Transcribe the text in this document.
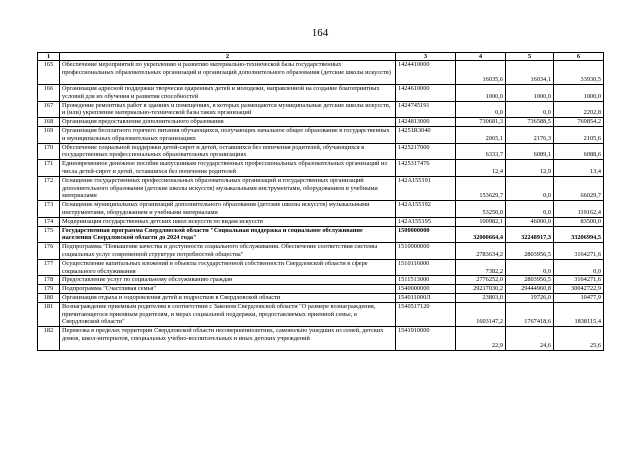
164
1	2	3	4	5	6
165	Обеспечение мероприятий по укреплению и развитию материально-технической базы государственных профессиональных образовательных организаций и организаций дополнительного образования (детские школы искусств)	1424410000	16035,6	16034,1	33930,5
166	Организация адресной поддержки творчески одаренных детей и молодежи, направленной на создание благоприятных условий для их обучения и развития способностей	1424610000	1000,0	1000,0	1000,0
167	Проведение ремонтных работ в зданиях и помещениях, в которых размещаются муниципальные детские школы искусств, и (или) укрепление материально-технической базы таких организаций	1424745191	0,0	0,0	2202,8
168	Организация предоставления дополнительного образования	1424813000	730681,3	736588,5	769854,2
169	Организация бесплатного горячего питания обучающихся, получающих начальное общее образование в государственных и муниципальных образовательных организациях	14251R3040	2065,1	2176,3	2105,6
170	Обеспечение социальной поддержки детей-сирот и детей, оставшихся без попечения родителей, обучающихся в государственных профессиональных образовательных организациях	1425217000	6333,7	6089,1	6088,6
171	Единовременное денежное пособие выпускникам государственных профессиональных образовательных организаций из числа детей-сирот и детей, оставшихся без попечения родителей	1425317476	12,4	12,9	13,4
172	Оснащение государственных профессиональных образовательных организаций и государственных организаций дополнительного образования (детские школы искусств) музыкальными инструментами, оборудованием и учебными материалами	142A155191	153629,7	0,0	66029,7
173	Оснащение муниципальных организаций дополнительного образования (детские школы искусств) музыкальными инструментами, оборудованием и учебными материалами	142A155192	53250,0	0,0	119162,4
174	Модернизация государственных детских школ искусств по видам искусств	142A155195	100982,1	46000,0	83500,0
175	Государственная программа Свердловской области "Социальная поддержка и социальное обслуживание населения Свердловской области до 2024 года"	1500000000	32000664,4	32248917,3	33206994,5
176	Подпрограмма "Повышение качества и доступности социального обслуживания. Обеспечение соответствия системы социальных услуг современной структуре потребностей общества"	1510000000	2783634,2	2803956,5	3164271,6
177	Осуществление капитальных вложений в объекты государственной собственности Свердловской области в сфере социального обслуживания	1510116000	7382,2	0,0	0,0
178	Предоставление услуг по социальному обслуживанию граждан	1511513000	2776252,0	2803956,5	3164271,6
179	Подпрограмма "Счастливая семья"	1540000000	29217030,2	29444960,8	30042722,9
180	Организация отдыха и оздоровления детей и подростков в Свердловской области	154011000Л	23803,0	19726,0	10477,9
181	Вознаграждение приемным родителям в соответствии с Законом Свердловской области "О размере вознаграждения, причитающегося приемным родителям, и мерах социальной поддержки, предоставляемых приемной семье, в Свердловской области"	1540517120	1603147,2	1767418,6	1838115,4
182	Перевозка в пределах территории Свердловской области несовершеннолетних, самовольно ушедших из семей, детских домов, школ-интернатов, специальных учебно-воспитательных и иных детских учреждений	1541910000	22,9	24,6	25,6
